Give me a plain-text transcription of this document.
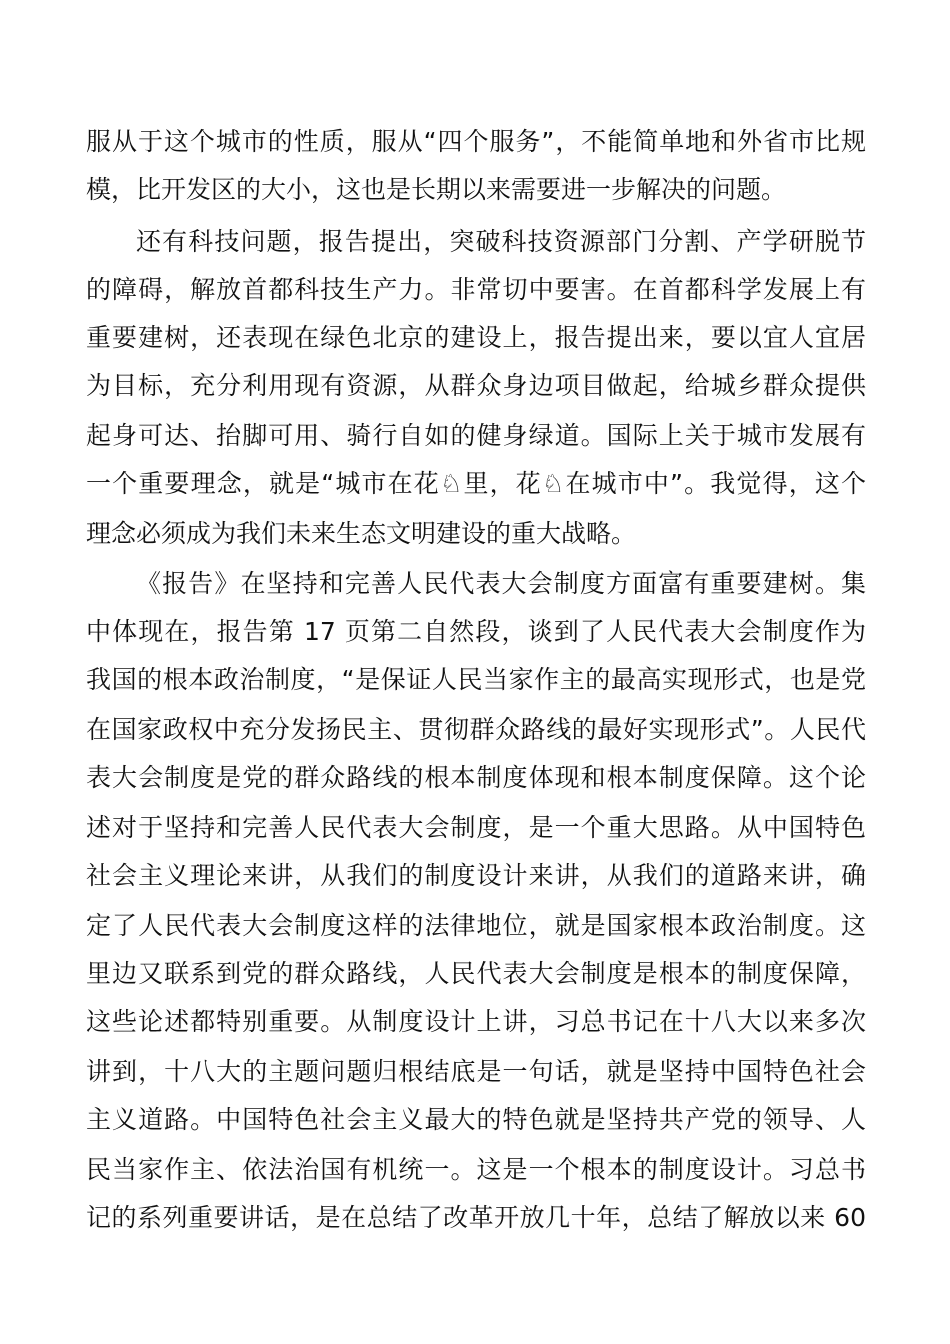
服从于这个城市的性质，服从“四个服务”，不能简单地和外省市比规
模，比开发区的大小，这也是长期以来需要进一步解决的问题。
还有科技问题，报告提出，突破科技资源部门分割、产学研脱节
的障碍，解放首都科技生产力。非常切中要害。在首都科学发展上有
重要建树，还表现在绿色北京的建设上，报告提出来，要以宜人宜居
为目标，充分利用现有资源，从群众身边项目做起，给城乡群众提供
起身可达、抬脚可用、骑行自如的健身绿道。国际上关于城市发展有
一个重要理念，就是“城市在花♘里，花♘在城市中”。我觉得，这个
理念必须成为我们未来生态文明建设的重大战略。
《报告》在坚持和完善人民代表大会制度方面富有重要建树。集
中体现在，报告第 17 页第二自然段，谈到了人民代表大会制度作为
我国的根本政治制度，“是保证人民当家作主的最高实现形式，也是党
在国家政权中充分发扬民主、贯彻群众路线的最好实现形式”。人民代
表大会制度是党的群众路线的根本制度体现和根本制度保障。这个论
述对于坚持和完善人民代表大会制度，是一个重大思路。从中国特色
社会主义理论来讲，从我们的制度设计来讲，从我们的道路来讲，确
定了人民代表大会制度这样的法律地位，就是国家根本政治制度。这
里边又联系到党的群众路线，人民代表大会制度是根本的制度保障，
这些论述都特别重要。从制度设计上讲，习总书记在十八大以来多次
讲到，十八大的主题问题归根结底是一句话，就是坚持中国特色社会
主义道路。中国特色社会主义最大的特色就是坚持共产党的领导、人
民当家作主、依法治国有机统一。这是一个根本的制度设计。习总书
记的系列重要讲话，是在总结了改革开放几十年，总结了解放以来 60
